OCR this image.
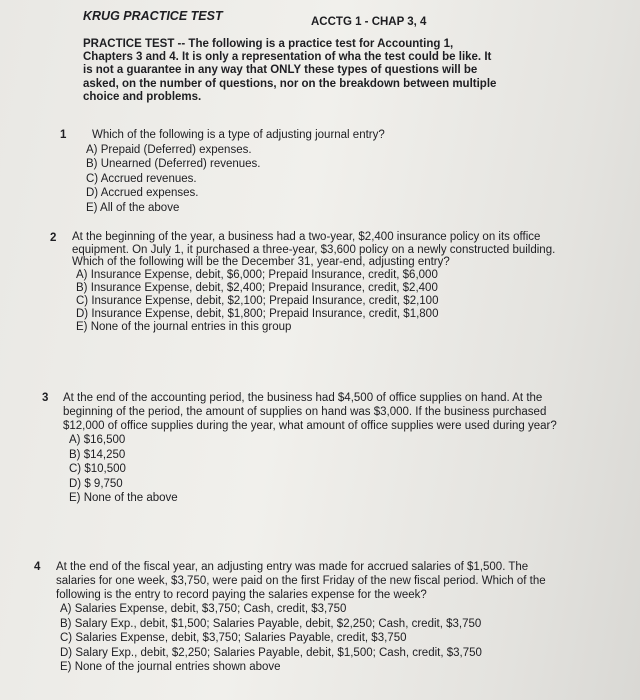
KRUG PRACTICE TEST	ACCTG 1 - CHAP 3, 4
PRACTICE TEST -- The following is a practice test for Accounting 1, Chapters 3 and 4. It is only a representation of wha the test could be like. It is not a guarantee in any way that ONLY these types of questions will be asked, on the number of questions, nor on the breakdown between multiple choice and problems.
1 Which of the following is a type of adjusting journal entry?
A) Prepaid (Deferred) expenses.
B) Unearned (Deferred) revenues.
C) Accrued revenues.
D) Accrued expenses.
E) All of the above
2 At the beginning of the year, a business had a two-year, $2,400 insurance policy on its office equipment. On July 1, it purchased a three-year, $3,600 policy on a newly constructed building. Which of the following will be the December 31, year-end, adjusting entry?
A) Insurance Expense, debit, $6,000; Prepaid Insurance, credit, $6,000
B) Insurance Expense, debit, $2,400; Prepaid Insurance, credit, $2,400
C) Insurance Expense, debit, $2,100; Prepaid Insurance, credit, $2,100
D) Insurance Expense, debit, $1,800; Prepaid Insurance, credit, $1,800
E) None of the journal entries in this group
3 At the end of the accounting period, the business had $4,500 of office supplies on hand. At the beginning of the period, the amount of supplies on hand was $3,000. If the business purchased $12,000 of office supplies during the year, what amount of office supplies were used during year?
A) $16,500
B) $14,250
C) $10,500
D) $ 9,750
E) None of the above
4 At the end of the fiscal year, an adjusting entry was made for accrued salaries of $1,500. The salaries for one week, $3,750, were paid on the first Friday of the new fiscal period. Which of the following is the entry to record paying the salaries expense for the week?
A) Salaries Expense, debit, $3,750; Cash, credit, $3,750
B) Salary Exp., debit, $1,500; Salaries Payable, debit, $2,250; Cash, credit, $3,750
C) Salaries Expense, debit, $3,750; Salaries Payable, credit, $3,750
D) Salary Exp., debit, $2,250; Salaries Payable, debit, $1,500; Cash, credit, $3,750
E) None of the journal entries shown above
